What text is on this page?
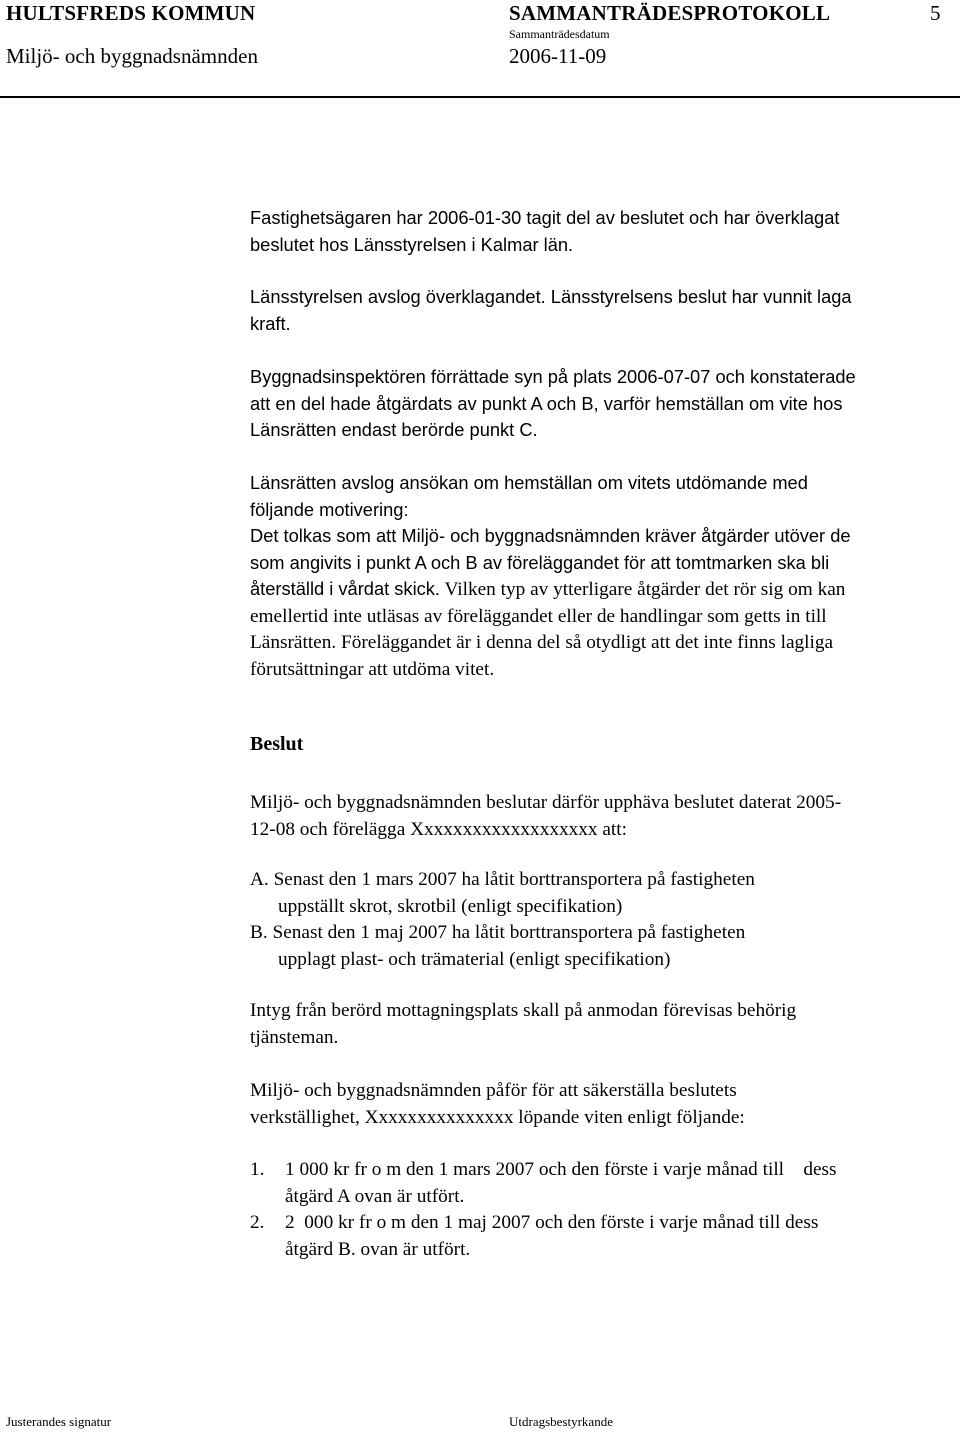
HULTSFREDS KOMMUN	SAMMANTRÄDESPROTOKOLL	5
Miljö- och byggnadsnämnden
Sammanträdesdatum
2006-11-09

Fastighetsägaren har 2006-01-30 tagit del av beslutet och har överklagat

beslutet hos Länsstyrelsen i Kalmar län.

Länsstyrelsen avslog överklagandet. Länsstyrelsens beslut har vunnit laga

kraft.

Byggnadsinspektören förrättade syn på plats 2006-07-07 och konstaterade

att en del hade åtgärdats av punkt A och B, varför hemställan om vite hos

Länsrätten endast berörde punkt C.

Länsrätten avslog ansökan om hemställan om vitets utdömande med

följande motivering:

Det tolkas som att Miljö- och byggnadsnämnden kräver åtgärder utöver de

som angivits i punkt A och B av föreläggandet för att tomtmarken ska bli

återställd i vårdat skick. Vilken typ av ytterligare åtgärder det rör sig om kan

emellertid inte utläsas av föreläggandet eller de handlingar som getts in till

Länsrätten. Föreläggandet är i denna del så otydligt att det inte finns lagliga

förutsättningar att utdöma vitet.

Beslut

Miljö- och byggnadsnämnden beslutar därför upphäva beslutet daterat 2005-

12-08 och förelägga Xxxxxxxxxxxxxxxxxxx att:

A. Senast den 1 mars 2007 ha låtit borttransportera på fastigheten

uppställt skrot, skrotbil (enligt specifikation)

B. Senast den 1 maj 2007 ha låtit borttransportera på fastigheten

upplagt plast- och trämaterial (enligt specifikation)

Intyg från berörd mottagningsplats skall på anmodan förevisas behörig

tjänsteman.

Miljö- och byggnadsnämnden påför för att säkerställa beslutets

verkställighet, Xxxxxxxxxxxxxxx löpande viten enligt följande:

1. 1 000 kr fr o m den 1 mars 2007 och den förste i varje månad till    dess

åtgärd A ovan är utfört.

2. 2  000 kr fr o m den 1 maj 2007 och den förste i varje månad till dess

åtgärd B. ovan är utfört.

Justerandes signatur	Utdragsbestyrkande
